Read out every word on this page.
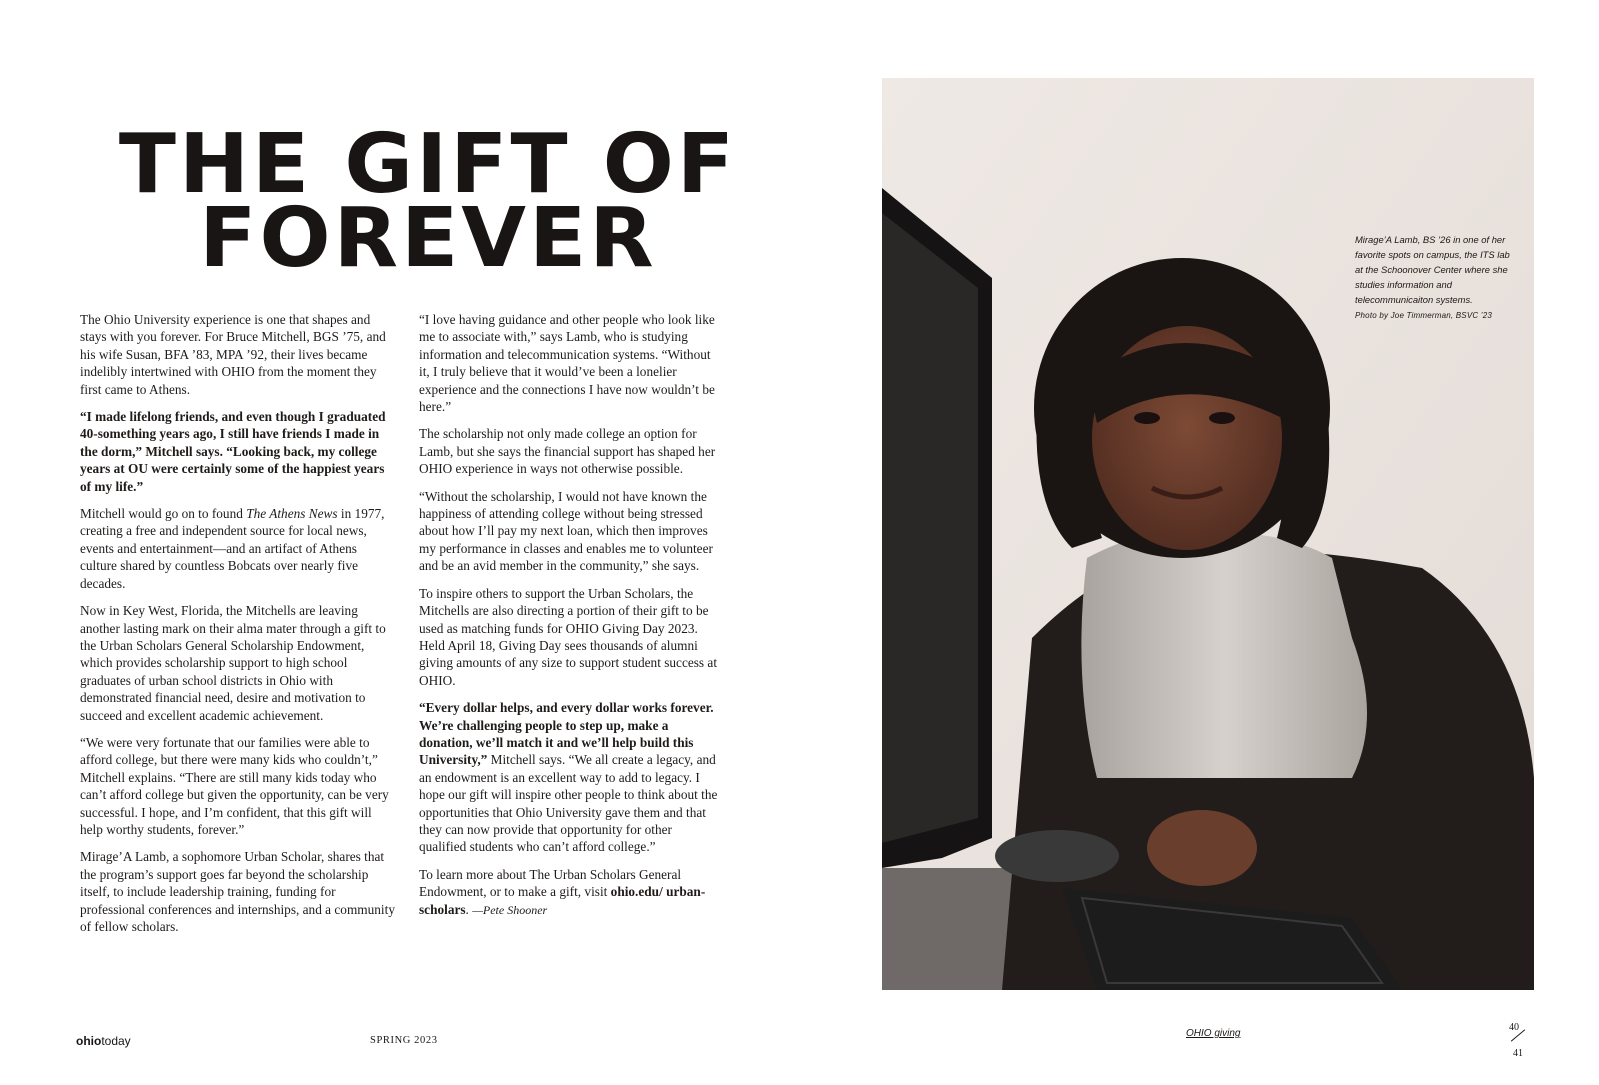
THE GIFT OF
FOREVER

The Ohio University experience is one that shapes and stays with you forever. For Bruce Mitchell, BGS ’75, and his wife Susan, BFA ’83, MPA ’92, their lives became indelibly intertwined with OHIO from the moment they first came to Athens.

“I made lifelong friends, and even though I graduated 40-something years ago, I still have friends I made in the dorm,” Mitchell says. “Looking back, my college years at OU were certainly some of the happiest years of my life.”

Mitchell would go on to found The Athens News in 1977, creating a free and independent source for local news, events and entertainment—and an artifact of Athens culture shared by countless Bobcats over nearly five decades.

Now in Key West, Florida, the Mitchells are leaving another lasting mark on their alma mater through a gift to the Urban Scholars General Scholarship Endowment, which provides scholarship support to high school graduates of urban school districts in Ohio with demonstrated financial need, desire and motivation to succeed and excellent academic achievement.

“We were very fortunate that our families were able to afford college, but there were many kids who couldn’t,” Mitchell explains. “There are still many kids today who can’t afford college but given the opportunity, can be very successful. I hope, and I’m confident, that this gift will help worthy students, forever.”

Mirage’A Lamb, a sophomore Urban Scholar, shares that the program’s support goes far beyond the scholarship itself, to include leadership training, funding for professional conferences and internships, and a community of fellow scholars.

“I love having guidance and other people who look like me to associate with,” says Lamb, who is studying information and telecommunication systems. “Without it, I truly believe that it would’ve been a lonelier experience and the connections I have now wouldn’t be here.”

The scholarship not only made college an option for Lamb, but she says the financial support has shaped her OHIO experience in ways not otherwise possible.

“Without the scholarship, I would not have known the happiness of attending college without being stressed about how I’ll pay my next loan, which then improves my performance in classes and enables me to volunteer and be an avid member in the community,” she says.

To inspire others to support the Urban Scholars, the Mitchells are also directing a portion of their gift to be used as matching funds for OHIO Giving Day 2023. Held April 18, Giving Day sees thousands of alumni giving amounts of any size to support student success at OHIO.

“Every dollar helps, and every dollar works forever. We’re challenging people to step up, make a donation, we’ll match it and we’ll help build this University,” Mitchell says. “We all create a legacy, and an endowment is an excellent way to add to legacy. I hope our gift will inspire other people to think about the opportunities that Ohio University gave them and that they can now provide that opportunity for other qualified students who can’t afford college.”

To learn more about The Urban Scholars General Endowment, or to make a gift, visit ohio.edu/ urban-scholars. —Pete Shooner

Mirage’A Lamb, BS ’26 in one of her favorite spots on campus, the ITS lab at the Schoonover Center where she studies information and telecommunicaiton systems.
Photo by Joe Timmerman, BSVC ’23
ohiotoday	SPRING 2023
OHIO giving
40
41
